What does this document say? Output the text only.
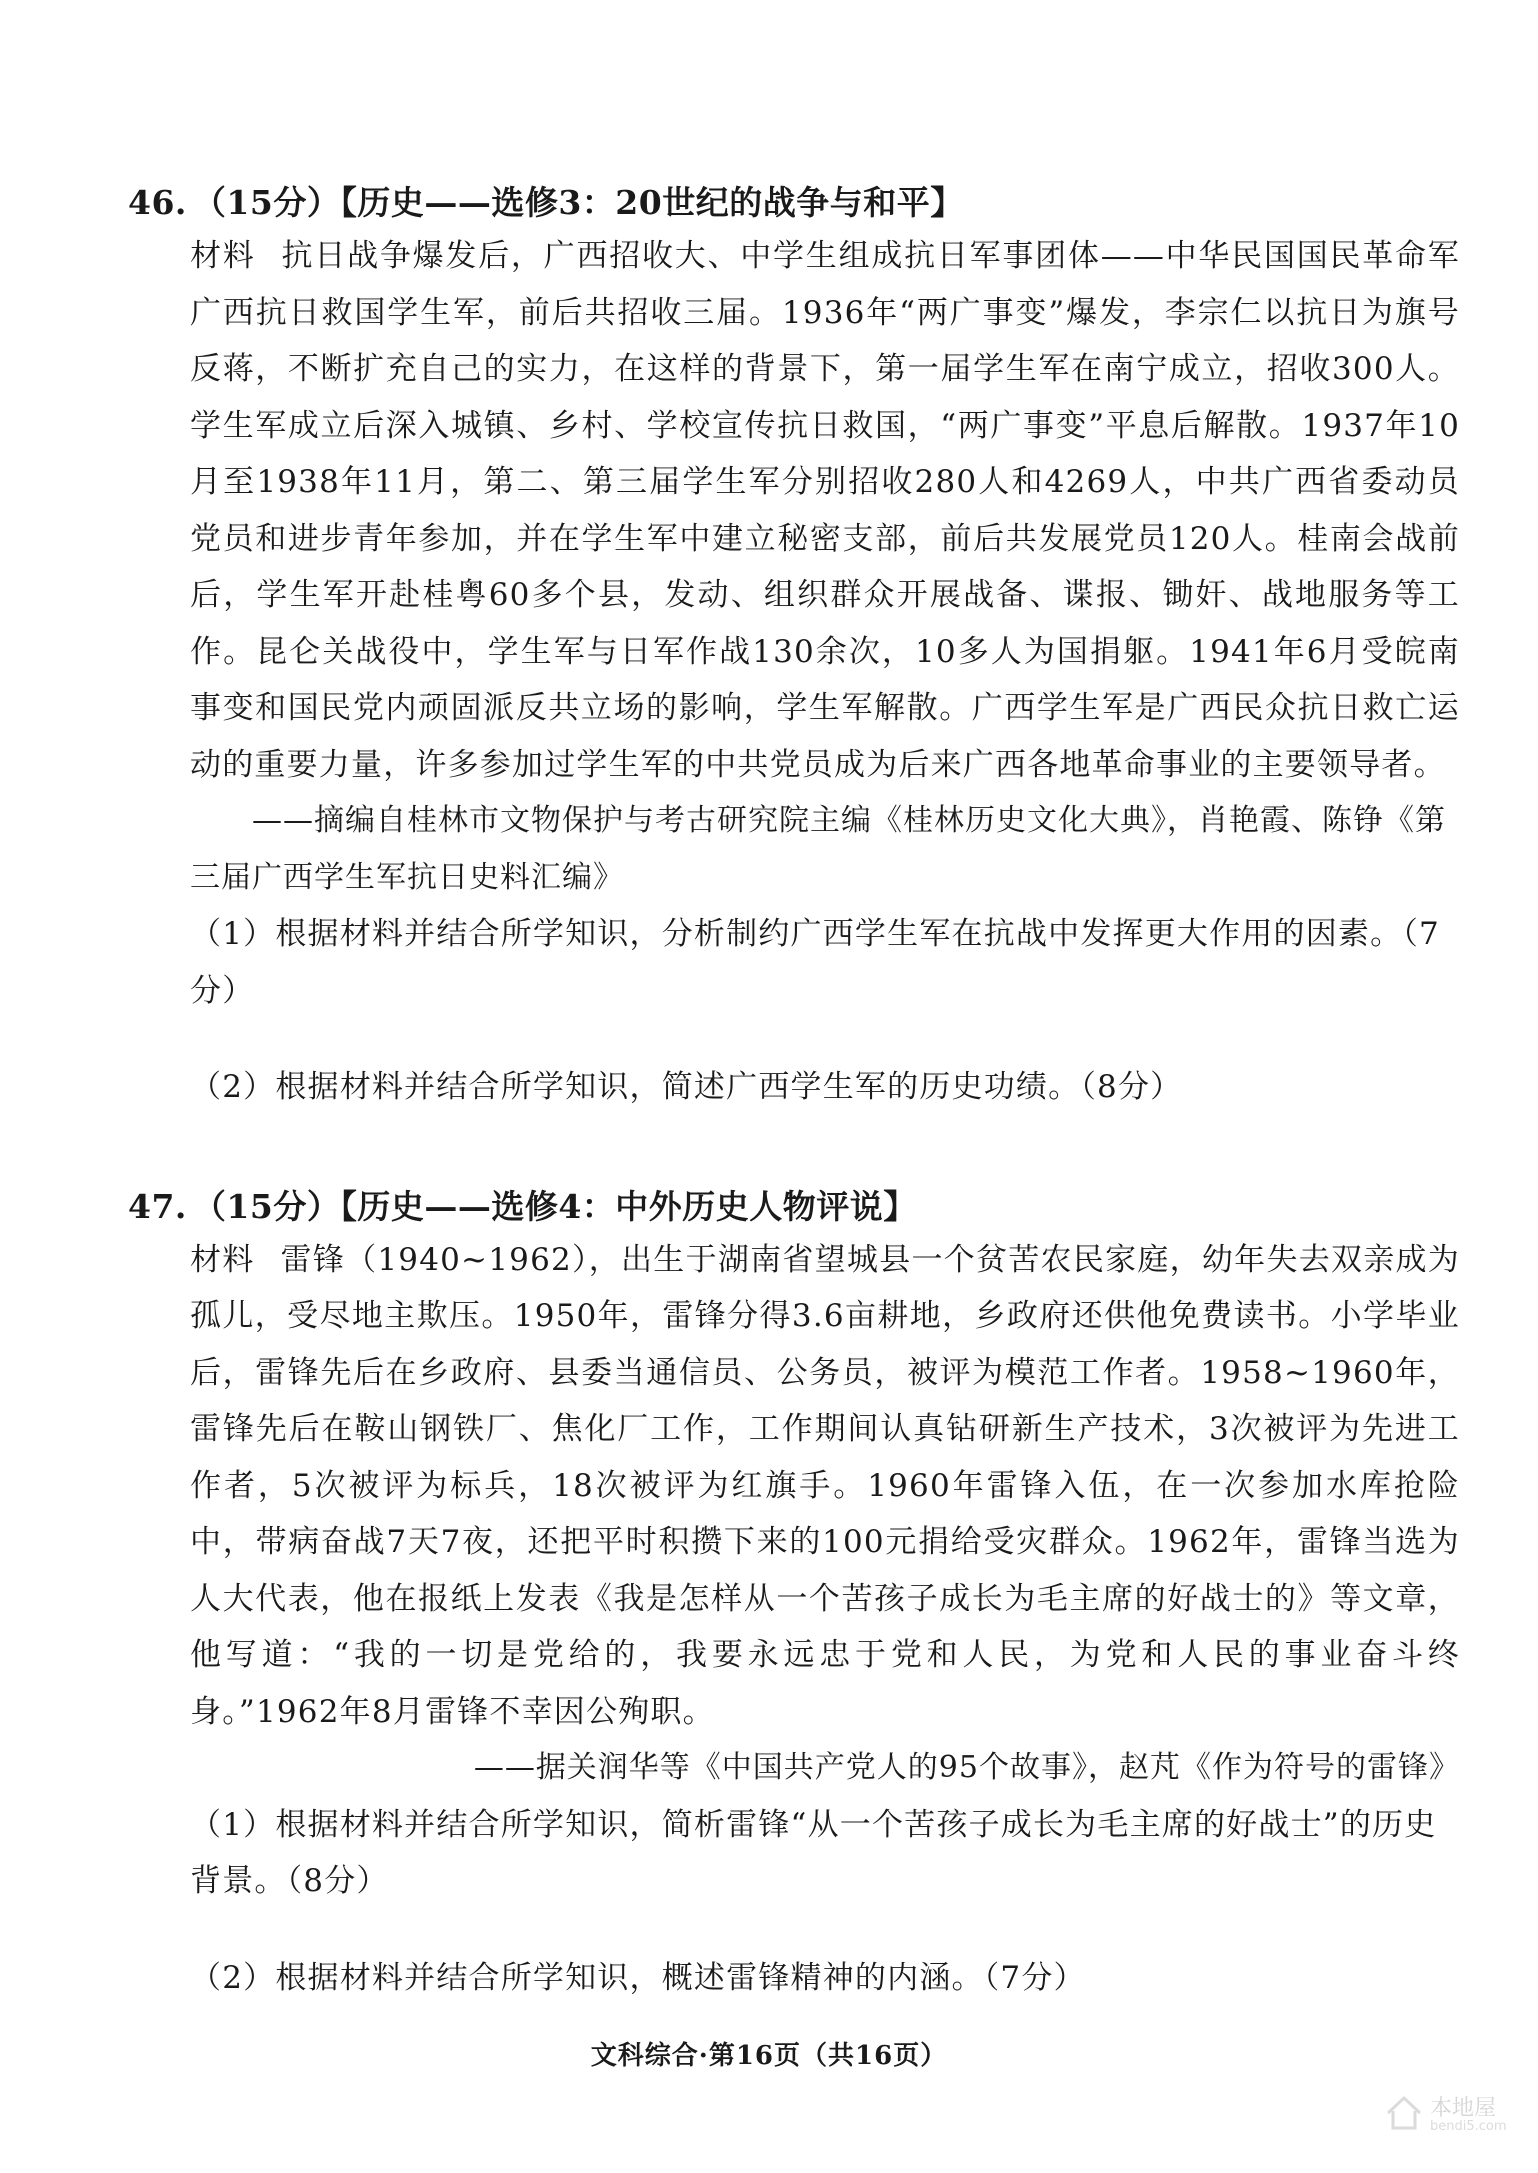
46. （15分）【历史——选修3：20世纪的战争与和平】

材料 抗日战争爆发后，广西招收大、中学生组成抗日军事团体——中华民国国民革命军广西抗日救国学生军，前后共招收三届。1936年“两广事变”爆发，李宗仁以抗日为旗号反蒋，不断扩充自己的实力，在这样的背景下，第一届学生军在南宁成立，招收300人。学生军成立后深入城镇、乡村、学校宣传抗日救国，“两广事变”平息后解散。1937年10月至1938年11月，第二、第三届学生军分别招收280人和4269人，中共广西省委动员党员和进步青年参加，并在学生军中建立秘密支部，前后共发展党员120人。桂南会战前后，学生军开赴桂粤60多个县，发动、组织群众开展战备、谍报、锄奸、战地服务等工作。昆仑关战役中，学生军与日军作战130余次，10多人为国捐躯。1941年6月受皖南事变和国民党内顽固派反共立场的影响，学生军解散。广西学生军是广西民众抗日救亡运动的重要力量，许多参加过学生军的中共党员成为后来广西各地革命事业的主要领导者。

——摘编自桂林市文物保护与考古研究院主编《桂林历史文化大典》，肖艳霞、陈铮《第三届广西学生军抗日史料汇编》

（1）根据材料并结合所学知识，分析制约广西学生军在抗战中发挥更大作用的因素。（7分）

（2）根据材料并结合所学知识，简述广西学生军的历史功绩。（8分）

47. （15分）【历史——选修4：中外历史人物评说】

材料 雷锋（1940~1962），出生于湖南省望城县一个贫苦农民家庭，幼年失去双亲成为孤儿，受尽地主欺压。1950年，雷锋分得3.6亩耕地，乡政府还供他免费读书。小学毕业后，雷锋先后在乡政府、县委当通信员、公务员，被评为模范工作者。1958~1960年，雷锋先后在鞍山钢铁厂、焦化厂工作，工作期间认真钻研新生产技术，3次被评为先进工作者，5次被评为标兵，18次被评为红旗手。1960年雷锋入伍，在一次参加水库抢险中，带病奋战7天7夜，还把平时积攒下来的100元捐给受灾群众。1962年，雷锋当选为人大代表，他在报纸上发表《我是怎样从一个苦孩子成长为毛主席的好战士的》等文章，他写道：“我的一切是党给的，我要永远忠于党和人民，为党和人民的事业奋斗终身。”1962年8月雷锋不幸因公殉职。

——据关润华等《中国共产党人的95个故事》，赵芃《作为符号的雷锋》

（1）根据材料并结合所学知识，简析雷锋“从一个苦孩子成长为毛主席的好战士”的历史背景。（8分）

（2）根据材料并结合所学知识，概述雷锋精神的内涵。（7分）

文科综合·第16页（共16页）
本地屋
bendi5.com
